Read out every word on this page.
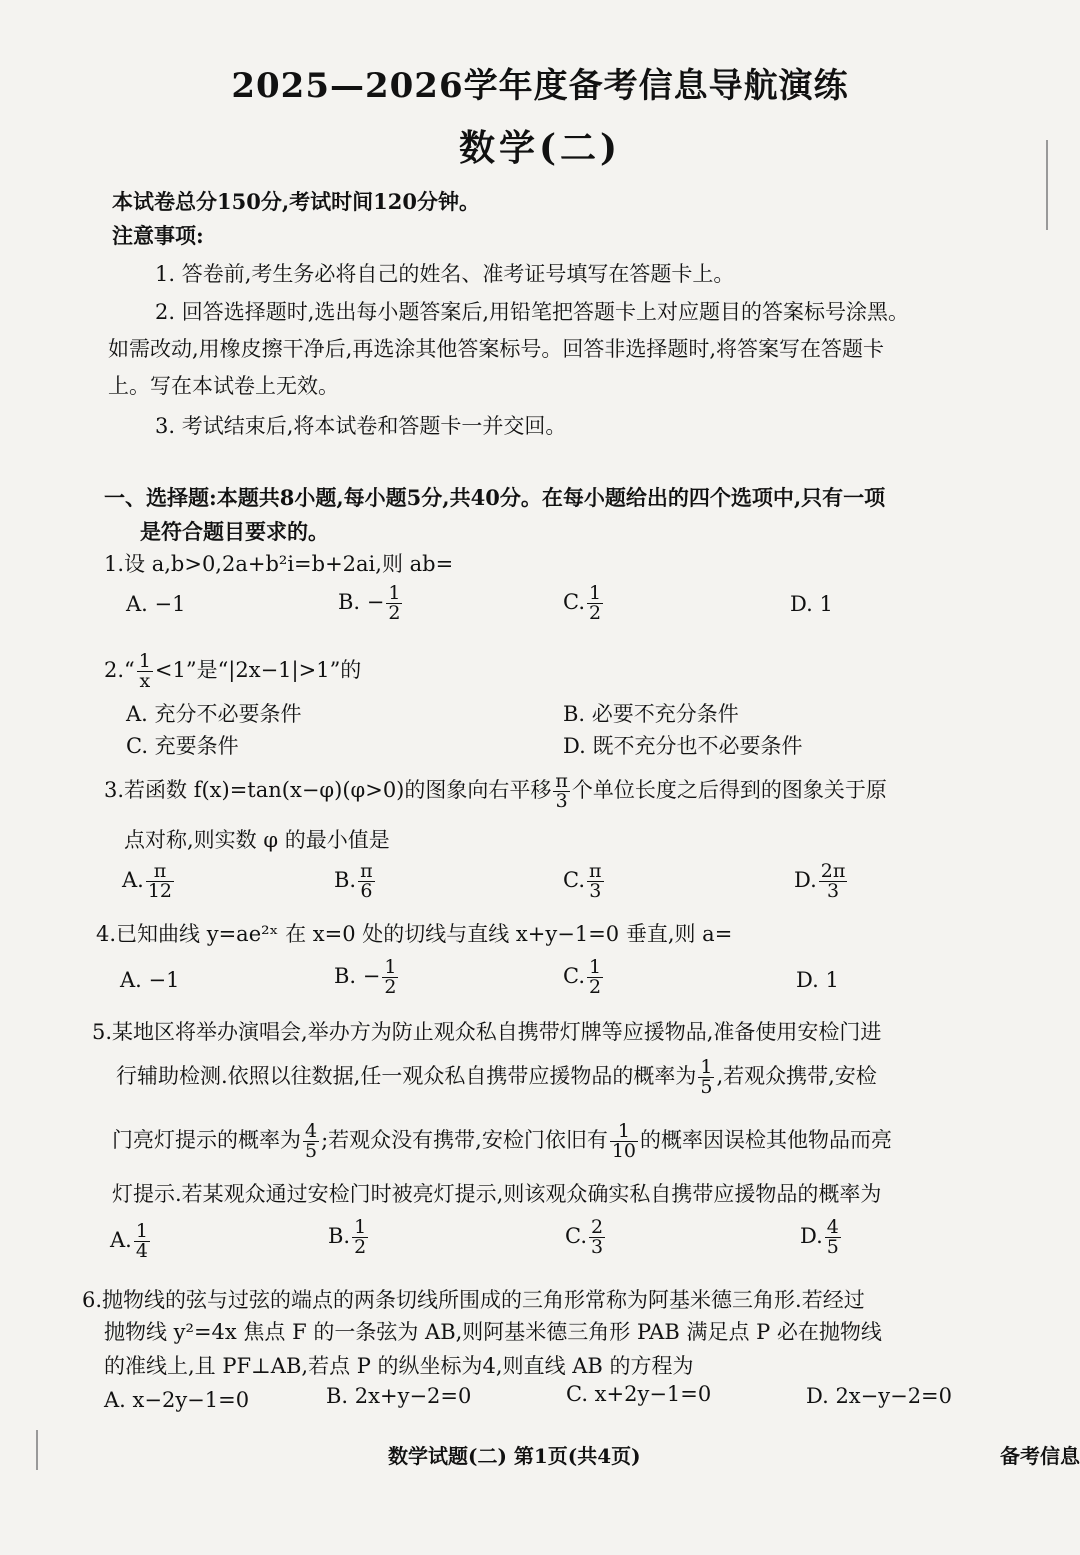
2025—2026学年度备考信息导航演练
数学(二)
本试卷总分150分,考试时间120分钟。
注意事项:
1. 答卷前,考生务必将自己的姓名、准考证号填写在答题卡上。
2. 回答选择题时,选出每小题答案后,用铅笔把答题卡上对应题目的答案标号涂黑。
如需改动,用橡皮擦干净后,再选涂其他答案标号。回答非选择题时,将答案写在答题卡
上。写在本试卷上无效。
3. 考试结束后,将本试卷和答题卡一并交回。
一、选择题:本题共8小题,每小题5分,共40分。在每小题给出的四个选项中,只有一项
是符合题目要求的。
1.设 a,b>0,2a+b²i=b+2ai,则 ab=
A. −1	B. − $\frac{1}{2}$	C. $\frac{1}{2}$	D. 1
2.“ $\frac{1}{x} <1$”是“|2x−1|>1”的
A. 充分不必要条件	B. 必要不充分条件
C. 充要条件	D. 既不充分也不必要条件
3.若函数 f(x)=tan(x−φ)(φ>0)的图象向右平移 $\frac{\pi}{3}$ 个单位长度之后得到的图象关于原
点对称,则实数 φ 的最小值是
A. $\frac{\pi}{12}$	B. $\frac{\pi}{6}$	C. $\frac{\pi}{3}$	D. $\frac{2\pi}{3}$
4.已知曲线 y=ae²ˣ 在 x=0 处的切线与直线 x+y−1=0 垂直,则 a=
A. −1	B. − $\frac{1}{2}$	C. $\frac{1}{2}$	D. 1
5.某地区将举办演唱会,举办方为防止观众私自携带灯牌等应援物品,准备使用安检门进
行辅助检测.依照以往数据,任一观众私自携带应援物品的概率为 $\frac{1}{5}$ ,若观众携带,安检
门亮灯提示的概率为 $\frac{4}{5}$ ;若观众没有携带,安检门依旧有 $\frac{1}{10}$ 的概率因误检其他物品而亮
灯提示.若某观众通过安检门时被亮灯提示,则该观众确实私自携带应援物品的概率为
A. $\frac{1}{4}$	B. $\frac{1}{2}$	C. $\frac{2}{3}$	D. $\frac{4}{5}$
6.抛物线的弦与过弦的端点的两条切线所围成的三角形常称为阿基米德三角形.若经过
抛物线 y²=4x 焦点 F 的一条弦为 AB,则阿基米德三角形 PAB 满足点 P 必在抛物线
的准线上,且 PF⊥AB,若点 P 的纵坐标为4,则直线 AB 的方程为
A. x−2y−1=0	B. 2x+y−2=0	C. x+2y−1=0	D. 2x−y−2=0
数学试题(二) 第1页(共4页)	备考信息
